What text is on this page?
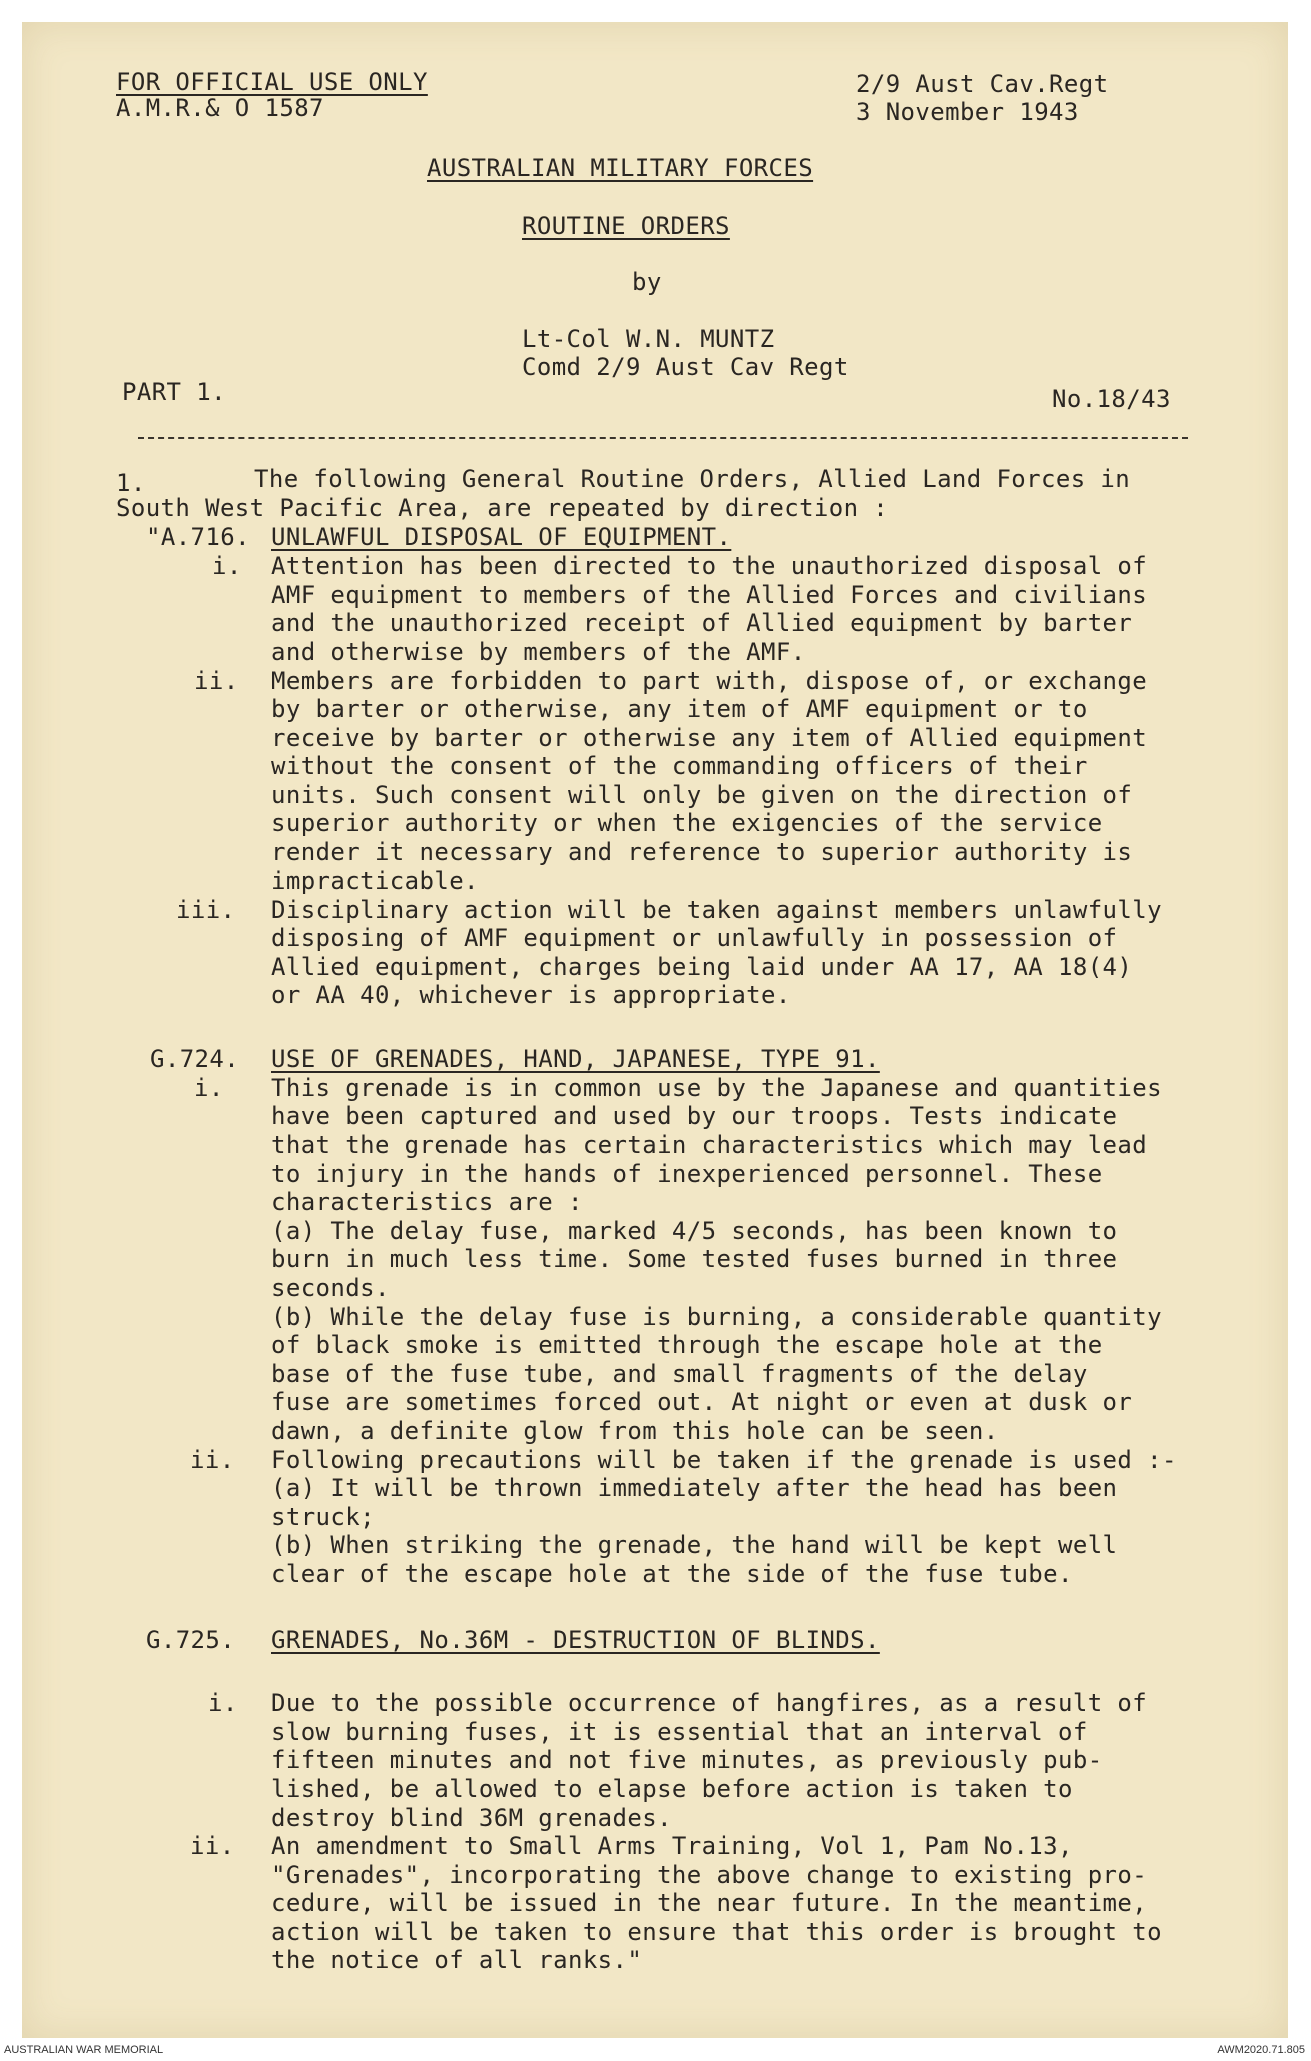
FOR OFFICIAL USE ONLY
A.M.R.& O 1587
2/9 Aust Cav.Regt
3 November 1943
AUSTRALIAN MILITARY FORCES
ROUTINE ORDERS
by
Lt-Col W.N. MUNTZ
Comd 2/9 Aust Cav Regt
PART 1.	No.18/43
1.	The following General Routine Orders, Allied Land Forces in
South West Pacific Area, are repeated by direction :
"A.716. UNLAWFUL DISPOSAL OF EQUIPMENT.
i. Attention has been directed to the unauthorized disposal of
AMF equipment to members of the Allied Forces and civilians
and the unauthorized receipt of Allied equipment by barter
and otherwise by members of the AMF.
ii. Members are forbidden to part with, dispose of, or exchange
by barter or otherwise, any item of AMF equipment or to
receive by barter or otherwise any item of Allied equipment
without the consent of the commanding officers of their
units. Such consent will only be given on the direction of
superior authority or when the exigencies of the service
render it necessary and reference to superior authority is
impracticable.
iii. Disciplinary action will be taken against members unlawfully
disposing of AMF equipment or unlawfully in possession of
Allied equipment, charges being laid under AA 17, AA 18(4)
or AA 40, whichever is appropriate.
G.724. USE OF GRENADES, HAND, JAPANESE, TYPE 91.
i. This grenade is in common use by the Japanese and quantities
have been captured and used by our troops. Tests indicate
that the grenade has certain characteristics which may lead
to injury in the hands of inexperienced personnel. These
characteristics are :
(a) The delay fuse, marked 4/5 seconds, has been known to
burn in much less time. Some tested fuses burned in three
seconds.
(b) While the delay fuse is burning, a considerable quantity
of black smoke is emitted through the escape hole at the
base of the fuse tube, and small fragments of the delay
fuse are sometimes forced out. At night or even at dusk or
dawn, a definite glow from this hole can be seen.
ii. Following precautions will be taken if the grenade is used :-
(a) It will be thrown immediately after the head has been
struck;
(b) When striking the grenade, the hand will be kept well
clear of the escape hole at the side of the fuse tube.
G.725. GRENADES, No.36M - DESTRUCTION OF BLINDS.
i. Due to the possible occurrence of hangfires, as a result of
slow burning fuses, it is essential that an interval of
fifteen minutes and not five minutes, as previously pub-
lished, be allowed to elapse before action is taken to
destroy blind 36M grenades.
ii. An amendment to Small Arms Training, Vol 1, Pam No.13,
"Grenades", incorporating the above change to existing pro-
cedure, will be issued in the near future. In the meantime,
action will be taken to ensure that this order is brought to
the notice of all ranks."
AUSTRALIAN WAR MEMORIAL	AWM2020.71.805
